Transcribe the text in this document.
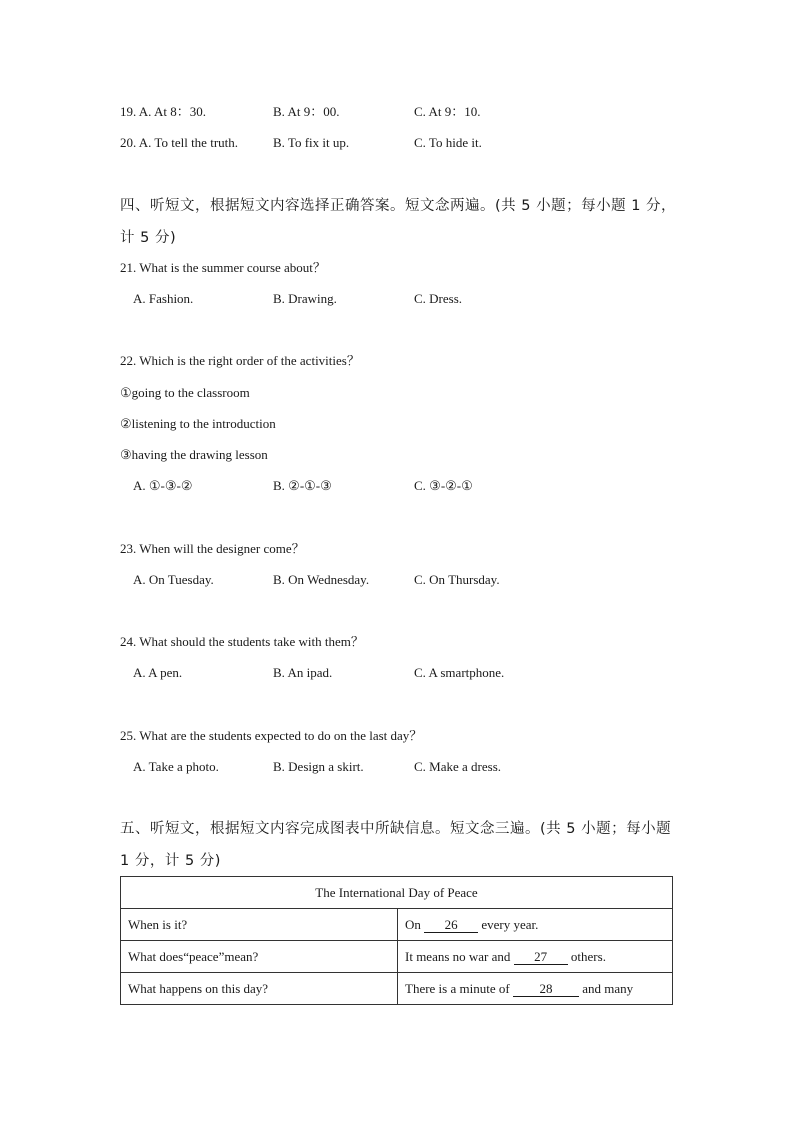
19. A. At 8：30.	B. At 9：00.	C. At 9：10.
20. A. To tell the truth.	B. To fix it up.	C. To hide it.
四、听短文，根据短文内容选择正确答案。短文念两遍。(共 5 小题；每小题 1 分，计 5 分)
21. What is the summer course about？
A. Fashion.	B. Drawing.	C. Dress.
22. Which is the right order of the activities？
①going to the classroom
②listening to the introduction
③having the drawing lesson
A. ①-③-②	B. ②-①-③	C. ③-②-①
23. When will the designer come？
A. On Tuesday.	B. On Wednesday.	C. On Thursday.
24. What should the students take with them？
A. A pen.	B. An ipad.	C. A smartphone.
25. What are the students expected to do on the last day？
A. Take a photo.	B. Design a skirt.	C. Make a dress.
五、听短文，根据短文内容完成图表中所缺信息。短文念三遍。(共 5 小题；每小题 1 分，计 5 分)
The International Day of Peace	
When is it?	On 26 every year.
What does“peace”mean?	It means no war and 27 others.
What happens on this day?	There is a minute of 28 and many
